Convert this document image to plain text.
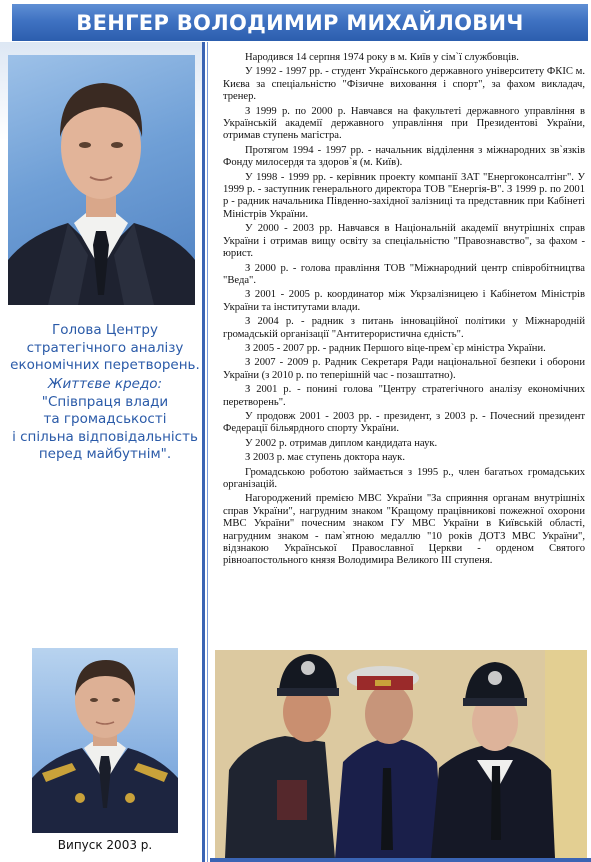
ВЕНГЕР ВОЛОДИМИР МИХАЙЛОВИЧ
Голова Центру
стратегічного аналізу
економічних перетворень.
Життєве кредо:
"Співпраця влади
та громадськості
і спільна відповідальність
перед майбутнім".
Випуск 2003 р.

Народився 14 серпня 1974 року в м. Київ у сім`ї службовців.

У 1992 - 1997 рр. - студент Українського державного університету ФКІС м. Києва за спеціальністю "Фізичне виховання і спорт", за фахом викладач, тренер.

З 1999 р. по 2000 р. Навчався на факультеті державного управління в Українській академії державного управління при Президентові України, отримав ступень магістра.

Протягом 1994 - 1997 рр. - начальник відділення з міжнародних зв`язків Фонду милосердя та здоров`я (м. Київ).

У 1998 - 1999 рр. - керівник проекту компанії ЗАТ "Енергоконсалтінг". У 1999 р. - заступник генерального директора ТОВ "Енергія-В". З 1999 р. по 2001 р - радник начальника Південно-західної залізниці та представник при Кабінеті Міністрів України.

У 2000 - 2003 рр. Навчався в Національній академії внутрішніх справ України і отримав вищу освіту за спеціальністю "Правознавство", за фахом - юрист.

З 2000 р. - голова правління ТОВ "Міжнародний центр співробітництва "Веда".

З 2001 - 2005 р. координатор між Укрзалізницею і Кабінетом Міністрів України та інститутами влади.

З 2004 р. - радник з питань інноваційної політики у Міжнародній громадській організації "Антитерористична єдність".

З 2005 - 2007 рр. - радник Першого віце-прем`єр міністра України.

З 2007 - 2009 р. Радник Секретаря Ради національної безпеки і оборони України (з 2010 р. по теперішній час - позаштатно).

З 2001 р. - понині голова "Центру стратегічного аналізу економічних перетворень".

У продовж 2001 - 2003 рр. - президент, з 2003 р. - Почесний президент Федерації більярдного спорту України.

У 2002 р. отримав диплом кандидата наук.

З 2003 р. має ступень доктора наук.

Громадською роботою займається з 1995 р., член багатьох громадських організацій.

Нагороджений премією МВС України "За сприяння органам внутрішніх справ України", нагрудним знаком "Кращому працівникові пожежної охорони МВС України" почесним знаком ГУ МВС України в Київській області, нагрудним знаком - пам`ятною медаллю "10 років ДОТЗ МВС України", відзнакою Української Православної Церкви - орденом Святого рівноапостольного князя Володимира Великого ІІІ ступеня.
